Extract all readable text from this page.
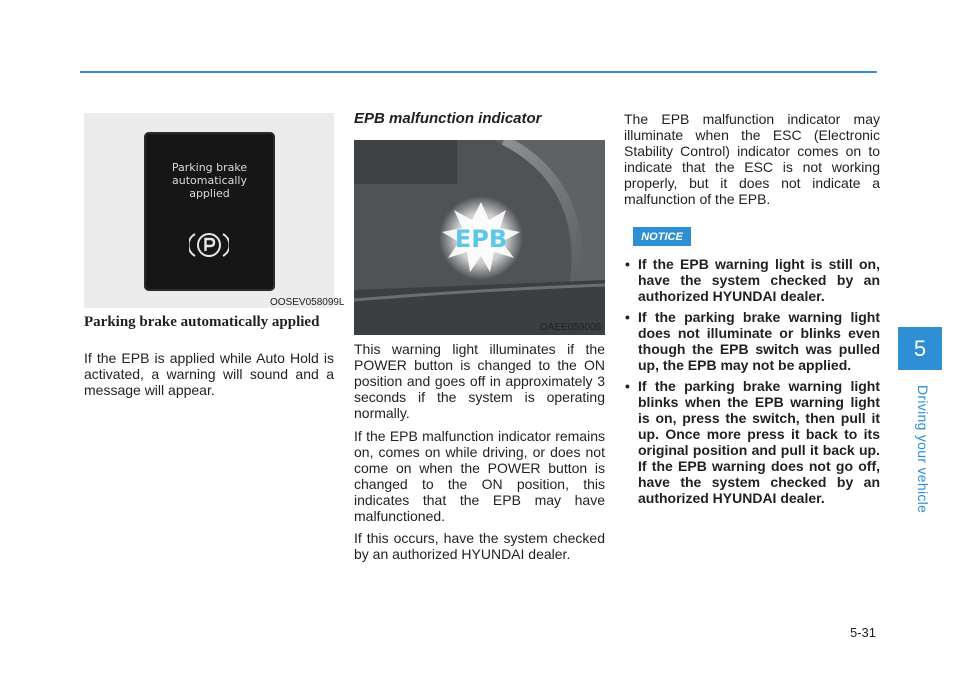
Parking brake
automatically
applied
OOSEV058099L
Parking brake automatically applied

If the EPB is applied while Auto Hold is activated, a warning will sound and a message will appear.

EPB malfunction indicator
EPB
OAEE059006

This warning light illuminates if the POWER button is changed to the ON position and goes off in approximately 3 seconds if the system is operating normally.

If the EPB malfunction indicator remains on, comes on while driving, or does not come on when the POWER button is changed to the ON position, this indicates that the EPB may have malfunctioned.

If this occurs, have the system checked by an authorized HYUNDAI dealer.

The EPB malfunction indicator may illuminate when the ESC (Electronic Stability Control) indicator comes on to indicate that the ESC is not working properly, but it does not indicate a malfunction of the EPB.

NOTICE
• If the EPB warning light is still on, have the system checked by an authorized HYUNDAI dealer.
• If the parking brake warning light does not illuminate or blinks even though the EPB switch was pulled up, the EPB may not be applied.
• If the parking brake warning light blinks when the EPB warning light is on, press the switch, then pull it up. Once more press it back to its original position and pull it back up. If the EPB warning does not go off, have the system checked by an authorized HYUNDAI dealer.
5
Driving your vehicle
5-31
